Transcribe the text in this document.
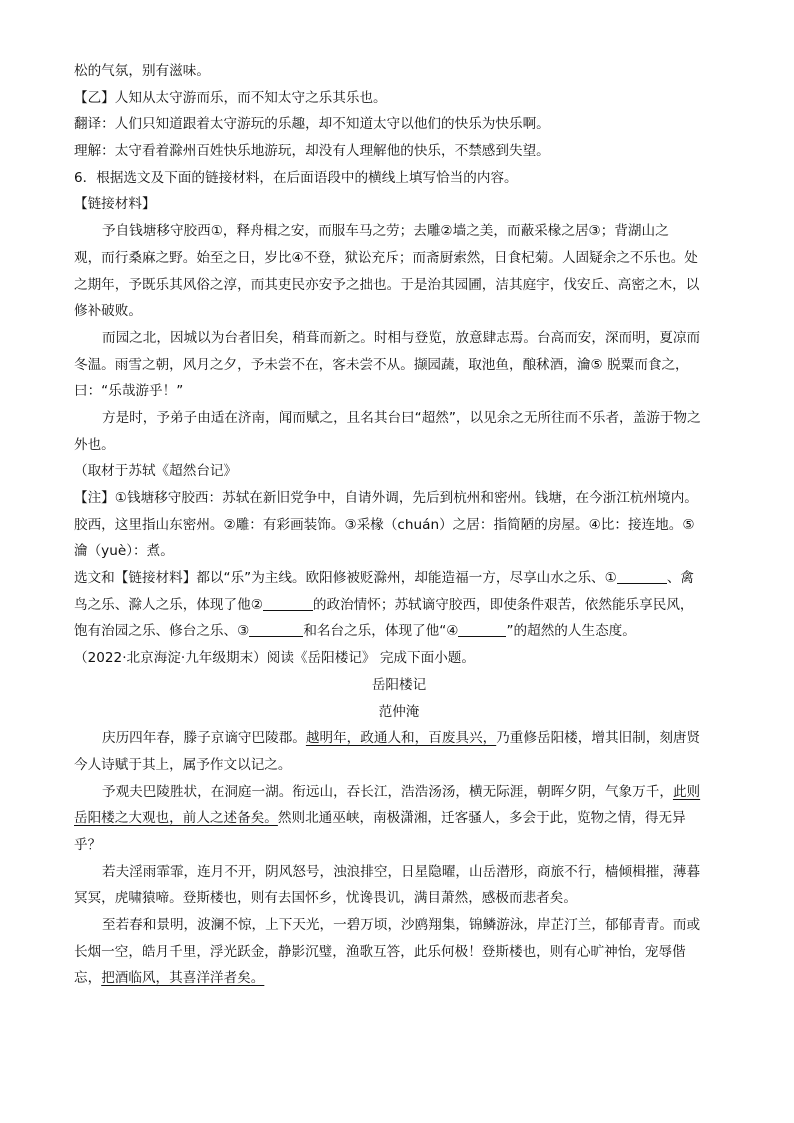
松的气氛，别有滋味。
【乙】人知从太守游而乐，而不知太守之乐其乐也。
翻译：人们只知道跟着太守游玩的乐趣，却不知道太守以他们的快乐为快乐啊。
理解：太守看着滁州百姓快乐地游玩，却没有人理解他的快乐，不禁感到失望。
6．根据选文及下面的链接材料，在后面语段中的横线上填写恰当的内容。
【链接材料】
予自钱塘移守胶西①，释舟楫之安，而服车马之劳；去雕②墙之美，而蔽采椽之居③；背湖山之
观，而行桑麻之野。始至之日，岁比④不登，狱讼充斥；而斋厨索然，日食杞菊。人固疑余之不乐也。处
之期年，予既乐其风俗之淳，而其吏民亦安予之拙也。于是治其园圃，洁其庭宇，伐安丘、高密之木，以
修补破败。
而园之北，因城以为台者旧矣，稍葺而新之。时相与登览，放意肆志焉。台高而安，深而明，夏凉而
冬温。雨雪之朝，风月之夕，予未尝不在，客未尝不从。撷园蔬，取池鱼，酿秫酒，瀹⑤ 脱粟而食之，
曰：“乐哉游乎！”
方是时，予弟子由适在济南，闻而赋之，且名其台曰“超然”，以见余之无所往而不乐者，盖游于物之
外也。
（取材于苏轼《超然台记》
【注】①钱塘移守胶西：苏轼在新旧党争中，自请外调，先后到杭州和密州。钱塘，在今浙江杭州境内。
胶西，这里指山东密州。②雕：有彩画装饰。③采椽（chuán）之居：指简陋的房屋。④比：接连地。⑤
瀹（yuè）：煮。
选文和【链接材料】都以“乐”为主线。欧阳修被贬滁州，却能造福一方，尽享山水之乐、①	、禽
鸟之乐、滁人之乐，体现了他②	的政治情怀；苏轼谪守胶西，即使条件艰苦，依然能乐享民风，
饱有治园之乐、修台之乐、③	和名台之乐，体现了他“④	”的超然的人生态度。
（2022·北京海淀·九年级期末）阅读《岳阳楼记》 完成下面小题。
岳阳楼记
范仲淹
庆历四年春，滕子京谪守巴陵郡。越明年，政通人和，百废具兴，乃重修岳阳楼，增其旧制，刻唐贤
今人诗赋于其上，属予作文以记之。
予观夫巴陵胜状，在洞庭一湖。衔远山，吞长江，浩浩汤汤，横无际涯，朝晖夕阴，气象万千，此则
岳阳楼之大观也，前人之述备矣。然则北通巫峡，南极潇湘，迁客骚人，多会于此，览物之情，得无异
乎？
若夫淫雨霏霏，连月不开，阴风怒号，浊浪排空，日星隐曜，山岳潜形，商旅不行，樯倾楫摧，薄暮
冥冥，虎啸猿啼。登斯楼也，则有去国怀乡，忧谗畏讥，满目萧然，感极而悲者矣。
至若春和景明，波澜不惊，上下天光，一碧万顷，沙鸥翔集，锦鳞游泳，岸芷汀兰，郁郁青青。而或
长烟一空，皓月千里，浮光跃金，静影沉璧，渔歌互答，此乐何极！登斯楼也，则有心旷神怡，宠辱偕
忘，把酒临风，其喜洋洋者矣。
